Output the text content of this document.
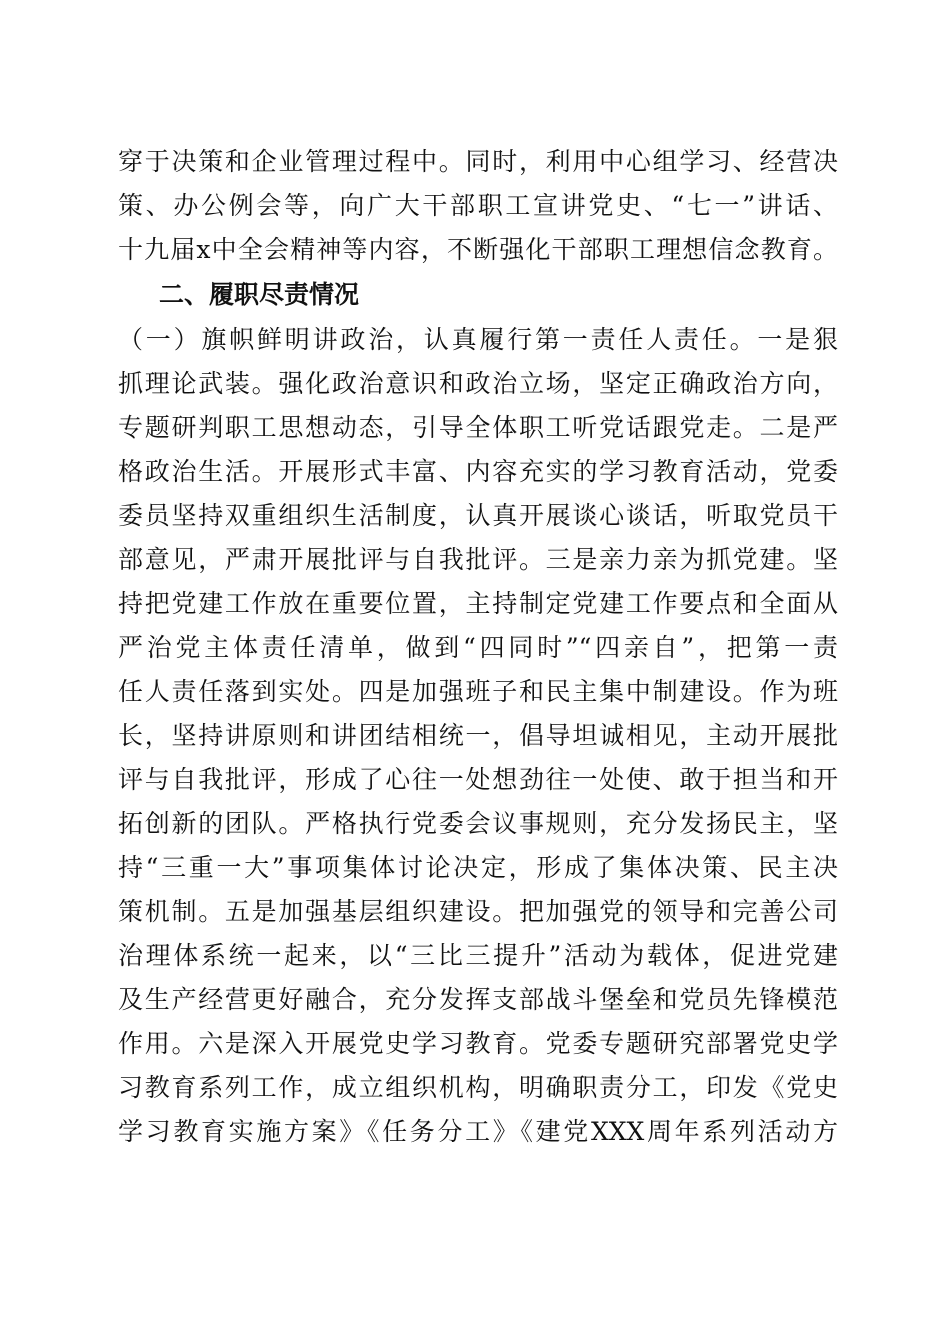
穿于决策和企业管理过程中。同时，利用中心组学习、经营决
策、办公例会等，向广大干部职工宣讲党史、“七一”讲话、
十九届x中全会精神等内容，不断强化干部职工理想信念教育。
二、履职尽责情况
（一）旗帜鲜明讲政治，认真履行第一责任人责任。一是狠
抓理论武装。强化政治意识和政治立场，坚定正确政治方向，
专题研判职工思想动态，引导全体职工听党话跟党走。二是严
格政治生活。开展形式丰富、内容充实的学习教育活动，党委
委员坚持双重组织生活制度，认真开展谈心谈话，听取党员干
部意见，严肃开展批评与自我批评。三是亲力亲为抓党建。坚
持把党建工作放在重要位置，主持制定党建工作要点和全面从
严治党主体责任清单，做到“四同时”“四亲自”，把第一责
任人责任落到实处。四是加强班子和民主集中制建设。作为班
长，坚持讲原则和讲团结相统一，倡导坦诚相见，主动开展批
评与自我批评，形成了心往一处想劲往一处使、敢于担当和开
拓创新的团队。严格执行党委会议事规则，充分发扬民主，坚
持“三重一大”事项集体讨论决定，形成了集体决策、民主决
策机制。五是加强基层组织建设。把加强党的领导和完善公司
治理体系统一起来，以“三比三提升”活动为载体，促进党建
及生产经营更好融合，充分发挥支部战斗堡垒和党员先锋模范
作用。六是深入开展党史学习教育。党委专题研究部署党史学
习教育系列工作，成立组织机构，明确职责分工，印发《党史
学习教育实施方案》《任务分工》《建党XXX周年系列活动方
